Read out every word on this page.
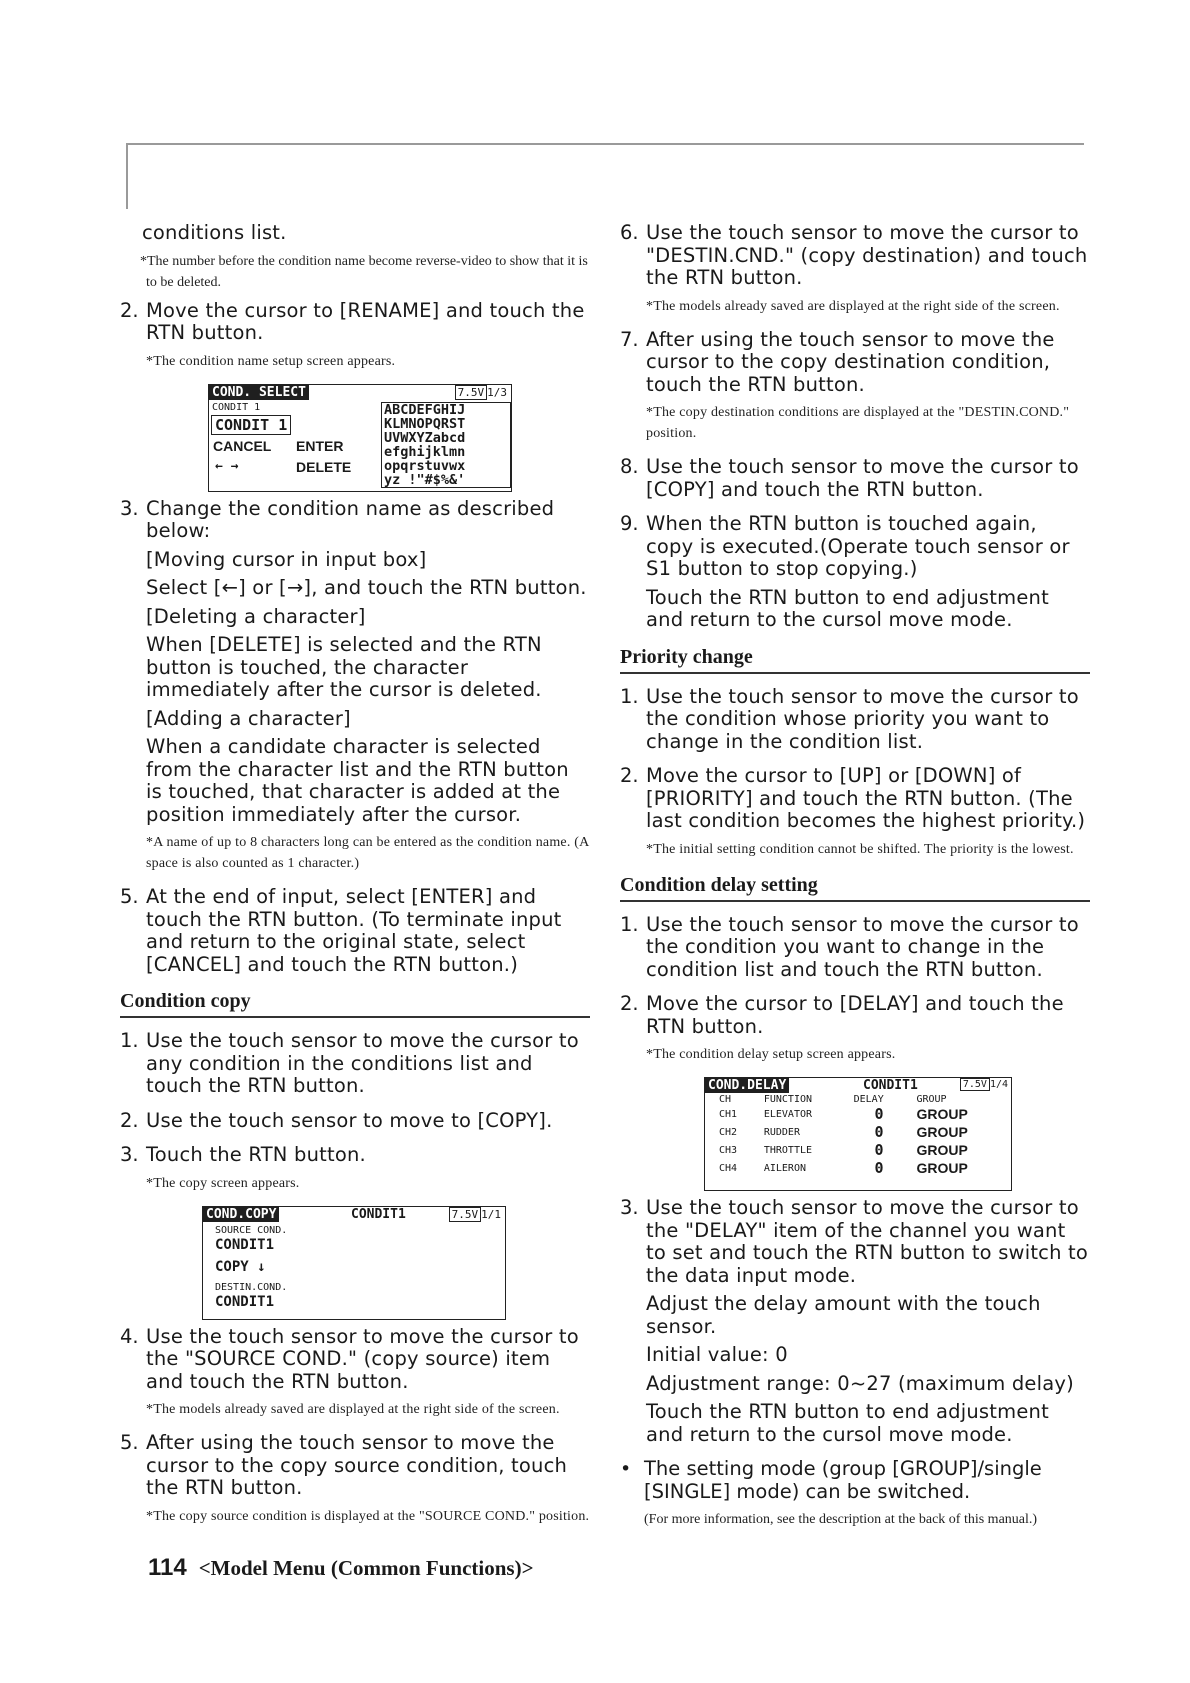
conditions list.

*The number before the condition name become reverse-video to show that it is to be deleted.

2. Move the cursor to [RENAME] and touch the RTN button.

*The condition name setup screen appears.

COND. SELECT	7.5V 1/3
CONDIT 1
CONDIT 1
CANCEL ENTER
← →	DELETE
ABCDEFGHIJ
KLMNOPQRST
UVWXYZabcd
efghijklmn
opqrstuvwx
yz !"#$%&'
3. Change the condition name as described below:

[Moving cursor in input box]

Select [←] or [→], and touch the RTN button.

[Deleting a character]

When [DELETE] is selected and the RTN button is touched, the character immediately after the cursor is deleted.

[Adding a character]

When a candidate character is selected from the character list and the RTN button is touched, that character is added at the position immediately after the cursor.

*A name of up to 8 characters long can be entered as the condition name. (A space is also counted as 1 character.)

5. At the end of input, select [ENTER] and touch the RTN button. (To terminate input and return to the original state, select [CANCEL] and touch the RTN button.)

Condition copy
1. Use the touch sensor to move the cursor to any condition in the conditions list and touch the RTN button.

2. Use the touch sensor to move to [COPY].

3. Touch the RTN button.

*The copy screen appears.

COND.COPY	CONDIT1	7.5V 1/1
SOURCE COND.
CONDIT1
COPY ↓
DESTIN.COND.
CONDIT1
4. Use the touch sensor to move the cursor to the "SOURCE COND." (copy source) item and touch the RTN button.

*The models already saved are displayed at the right side of the screen.

5. After using the touch sensor to move the cursor to the copy source condition, touch the RTN button.

*The copy source condition is displayed at the "SOURCE COND." position.

6. Use the touch sensor to move the cursor to "DESTIN.CND." (copy destination) and touch the RTN button.

*The models already saved are displayed at the right side of the screen.

7. After using the touch sensor to move the cursor to the copy destination condition, touch the RTN button.

*The copy destination conditions are displayed at the "DESTIN.COND." position.

8. Use the touch sensor to move the cursor to [COPY] and touch the RTN button.

9. When the RTN button is touched again, copy is executed.(Operate touch sensor or S1 button to stop copying.)

Touch the RTN button to end adjustment and return to the cursol move mode.

Priority change
1. Use the touch sensor to move the cursor to the condition whose priority you want to change in the condition list.

2. Move the cursor to [UP] or [DOWN] of [PRIORITY] and touch the RTN button. (The last condition becomes the highest priority.)

*The initial setting condition cannot be shifted. The priority is the lowest.

Condition delay setting
1. Use the touch sensor to move the cursor to the condition you want to change in the condition list and touch the RTN button.

2. Move the cursor to [DELAY] and touch the RTN button.

*The condition delay setup screen appears.

COND.DELAY	CONDIT1	7.5V 1/4
CH	FUNCTION	DELAY	GROUP
CH1	ELEVATOR	0	GROUP
CH2	RUDDER	0	GROUP
CH3	THROTTLE	0	GROUP
CH4	AILERON	0	GROUP
3. Use the touch sensor to move the cursor to the "DELAY" item of the channel you want to set and touch the RTN button to switch to the data input mode.

Adjust the delay amount with the touch sensor.

Initial value: 0

Adjustment range: 0~27 (maximum delay)

Touch the RTN button to end adjustment and return to the cursol move mode.

• The setting mode (group [GROUP]/single [SINGLE] mode) can be switched.

(For more information, see the description at the back of this manual.)

114 <Model Menu (Common Functions)>
